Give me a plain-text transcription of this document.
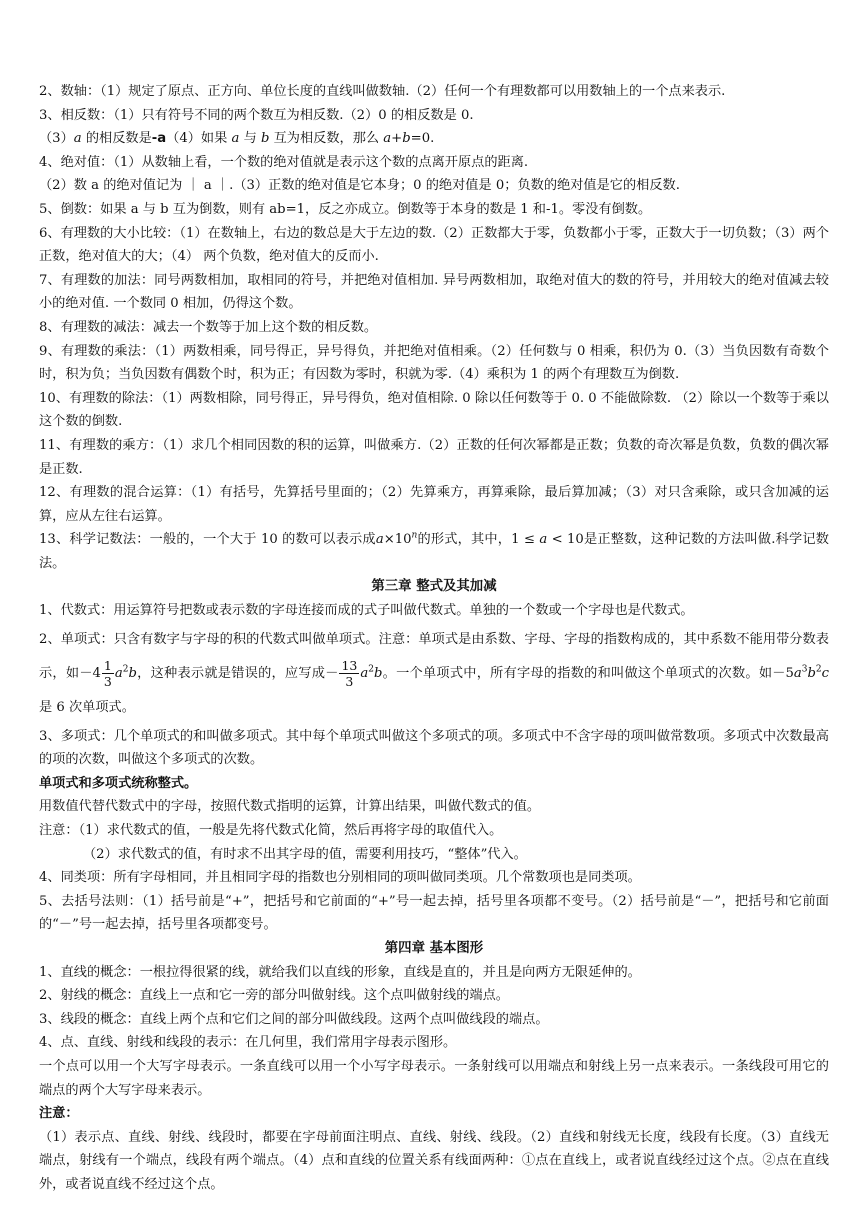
2、数轴：（1）规定了原点、正方向、单位长度的直线叫做数轴.（2）任何一个有理数都可以用数轴上的一个点来表示.

3、相反数：（1）只有符号不同的两个数互为相反数.（2）0 的相反数是 0.

（3）a 的相反数是-a（4）如果 a 与 b 互为相反数，那么 a+b=0.

4、绝对值：（1）从数轴上看，一个数的绝对值就是表示这个数的点离开原点的距离.

（2）数 a 的绝对值记为 ｜ a ｜.（3）正数的绝对值是它本身；0 的绝对值是 0；负数的绝对值是它的相反数.

5、倒数：如果 a 与 b 互为倒数，则有 ab=1，反之亦成立。倒数等于本身的数是 1 和-1。零没有倒数。

6、有理数的大小比较：（1）在数轴上，右边的数总是大于左边的数.（2）正数都大于零，负数都小于零，正数大于一切负数；（3）两个正数，绝对值大的大；（4） 两个负数，绝对值大的反而小.

7、有理数的加法：同号两数相加，取相同的符号，并把绝对值相加. 异号两数相加，取绝对值大的数的符号，并用较大的绝对值减去较小的绝对值. 一个数同 0 相加，仍得这个数。

8、有理数的减法：减去一个数等于加上这个数的相反数。

9、有理数的乘法：（1）两数相乘，同号得正，异号得负，并把绝对值相乘。（2）任何数与 0 相乘，积仍为 0.（3）当负因数有奇数个时，积为负；当负因数有偶数个时，积为正；有因数为零时，积就为零.（4）乘积为 1 的两个有理数互为倒数.

10、有理数的除法：（1）两数相除，同号得正，异号得负，绝对值相除. 0 除以任何数等于 0. 0 不能做除数. （2）除以一个数等于乘以这个数的倒数.

11、有理数的乘方：（1）求几个相同因数的积的运算，叫做乘方.（2）正数的任何次幂都是正数；负数的奇次幂是负数，负数的偶次幂是正数.

12、有理数的混合运算：（1）有括号，先算括号里面的；（2）先算乘方，再算乘除，最后算加减；（3）对只含乘除，或只含加减的运算，应从左往右运算。

13、科学记数法：一般的，一个大于 10 的数可以表示成$a\times 10^n$的形式，其中，1 ≤ a < 10是正整数，这种记数的方法叫做.科学记数法。

第三章 整式及其加减

1、代数式：用运算符号把数或表示数的字母连接而成的式子叫做代数式。单独的一个数或一个字母也是代数式。

2、单项式：只含有数字与字母的积的代数式叫做单项式。注意：单项式是由系数、字母、字母的指数构成的，其中系数不能用带分数表示，如$-4 \frac{1}{3} a^2b$，这种表示就是错误的，应写成－ $\frac{13}{3} a^2b$。一个单项式中，所有字母的指数的和叫做这个单项式的次数。如$-5a^3b^2c$是 6 次单项式。

3、多项式：几个单项式的和叫做多项式。其中每个单项式叫做这个多项式的项。多项式中不含字母的项叫做常数项。多项式中次数最高的项的次数，叫做这个多项式的次数。

单项式和多项式统称整式。

用数值代替代数式中的字母，按照代数式指明的运算，计算出结果，叫做代数式的值。

注意：（1）求代数式的值，一般是先将代数式化简，然后再将字母的取值代入。

（2）求代数式的值，有时求不出其字母的值，需要利用技巧，“整体”代入。

4、同类项：所有字母相同，并且相同字母的指数也分别相同的项叫做同类项。几个常数项也是同类项。

5、去括号法则：（1）括号前是“+”，把括号和它前面的“+”号一起去掉，括号里各项都不变号。（2）括号前是“－”，把括号和它前面的“－”号一起去掉，括号里各项都变号。

第四章 基本图形

1、直线的概念：一根拉得很紧的线，就给我们以直线的形象，直线是直的，并且是向两方无限延伸的。

2、射线的概念：直线上一点和它一旁的部分叫做射线。这个点叫做射线的端点。

3、线段的概念：直线上两个点和它们之间的部分叫做线段。这两个点叫做线段的端点。

4、点、直线、射线和线段的表示：在几何里，我们常用字母表示图形。

一个点可以用一个大写字母表示。一条直线可以用一个小写字母表示。一条射线可以用端点和射线上另一点来表示。一条线段可用它的端点的两个大写字母来表示。

注意：

（1）表示点、直线、射线、线段时，都要在字母前面注明点、直线、射线、线段。（2）直线和射线无长度，线段有长度。（3）直线无端点，射线有一个端点，线段有两个端点。（4）点和直线的位置关系有线面两种：①点在直线上，或者说直线经过这个点。②点在直线外，或者说直线不经过这个点。
